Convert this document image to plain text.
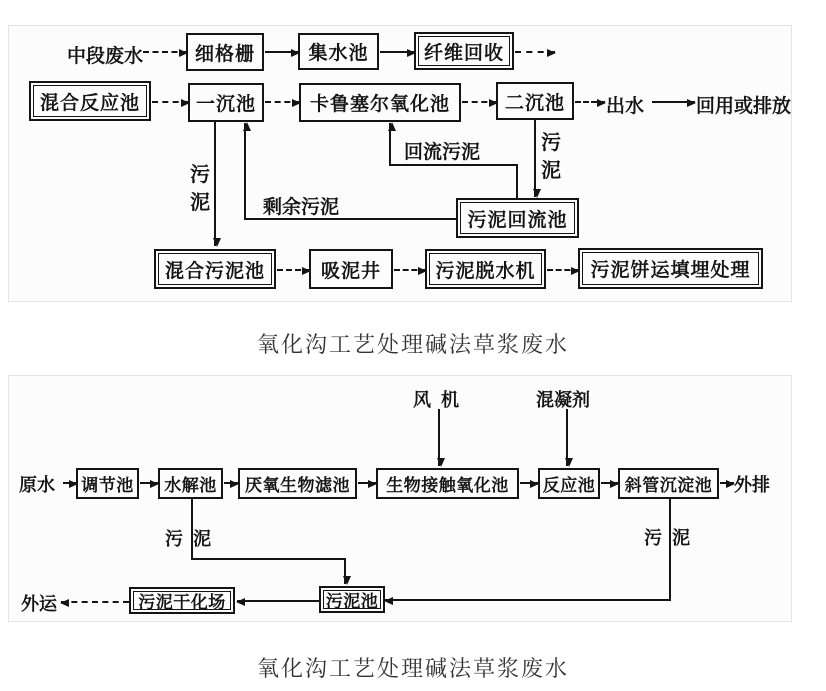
中段废水	细格栅	集水池	纤维回收
混合反应池	一沉池	卡鲁塞尔氧化池	二沉池	出水	回用或排放
污泥	剩余污泥
回流污泥	污泥
污泥回流池
混合污泥池	吸泥井	污泥脱水机	污泥饼运填埋处理
氧化沟工艺处理碱法草浆废水
风机	混凝剂
原水	调节池	水解池	厌氧生物滤池	生物接触氧化池	反应池	斜管沉淀池	外排
污泥	污泥
污泥池
污泥干化场
外运
氧化沟工艺处理碱法草浆废水
